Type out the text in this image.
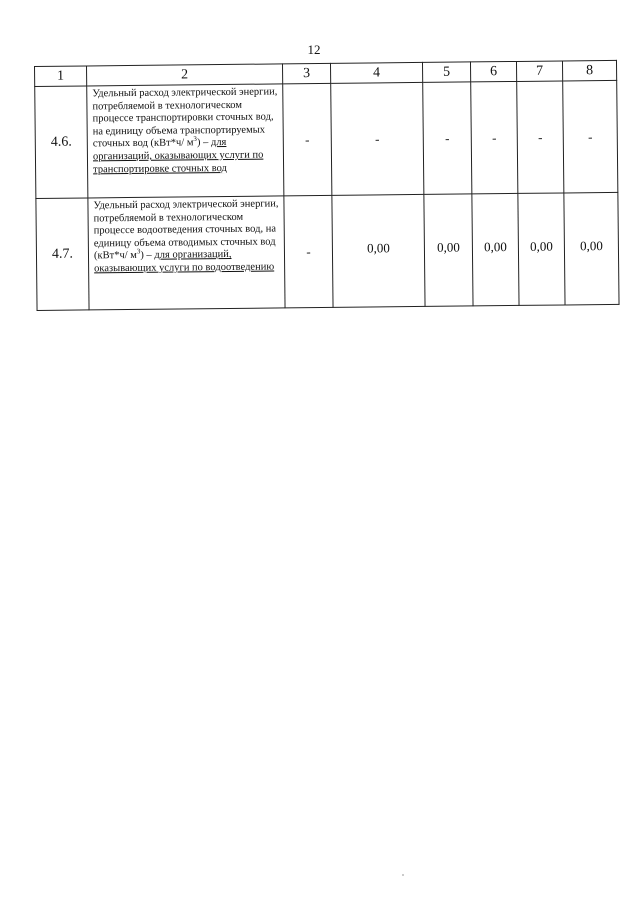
12
1	2	3	4	5	6	7	8
4.6.	Удельный расход электрической энергии, потребляемой в технологическом процессе транспортировки сточных вод, на единицу объема транспортируемых сточных вод (кВт*ч/ $м^3$) – для организаций, оказывающих услуги по транспортировке сточных вод	-	-	-	-	-	-
4.7.	Удельный расход электрической энергии, потребляемой в технологическом процессе водоотведения сточных вод, на единицу объема отводимых сточных вод (кВт*ч/ $м^3$) – для организаций, оказывающих услуги по водоотведению	-	0,00	0,00	0,00	0,00	0,00
